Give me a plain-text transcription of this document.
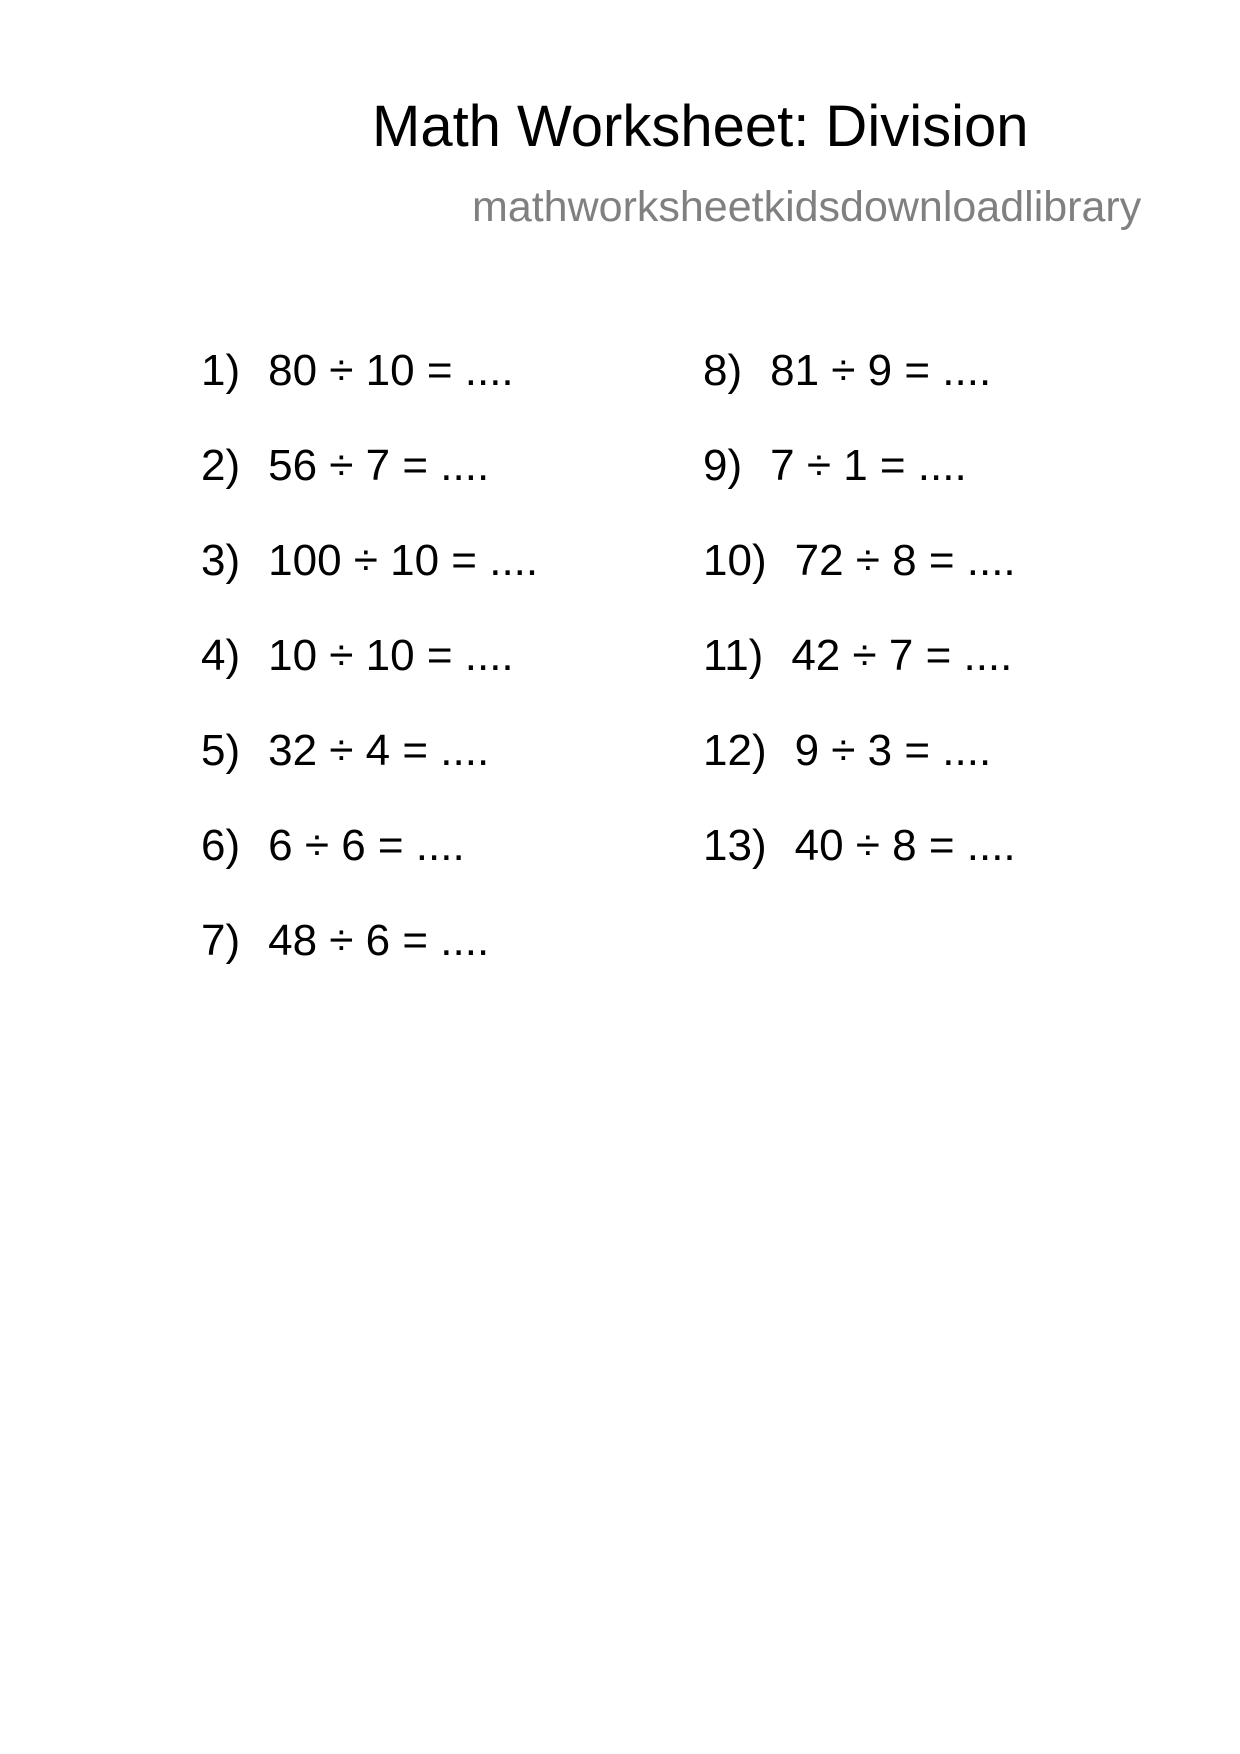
Math Worksheet: Division
mathworksheetkidsdownloadlibrary
1) 80 ÷ 10 = ....
2) 56 ÷ 7 = ....
3) 100 ÷ 10 = ....
4) 10 ÷ 10 = ....
5) 32 ÷ 4 = ....
6) 6 ÷ 6 = ....
7) 48 ÷ 6 = ....
8) 81 ÷ 9 = ....
9) 7 ÷ 1 = ....
10) 72 ÷ 8 = ....
11) 42 ÷ 7 = ....
12) 9 ÷ 3 = ....
13) 40 ÷ 8 = ....
